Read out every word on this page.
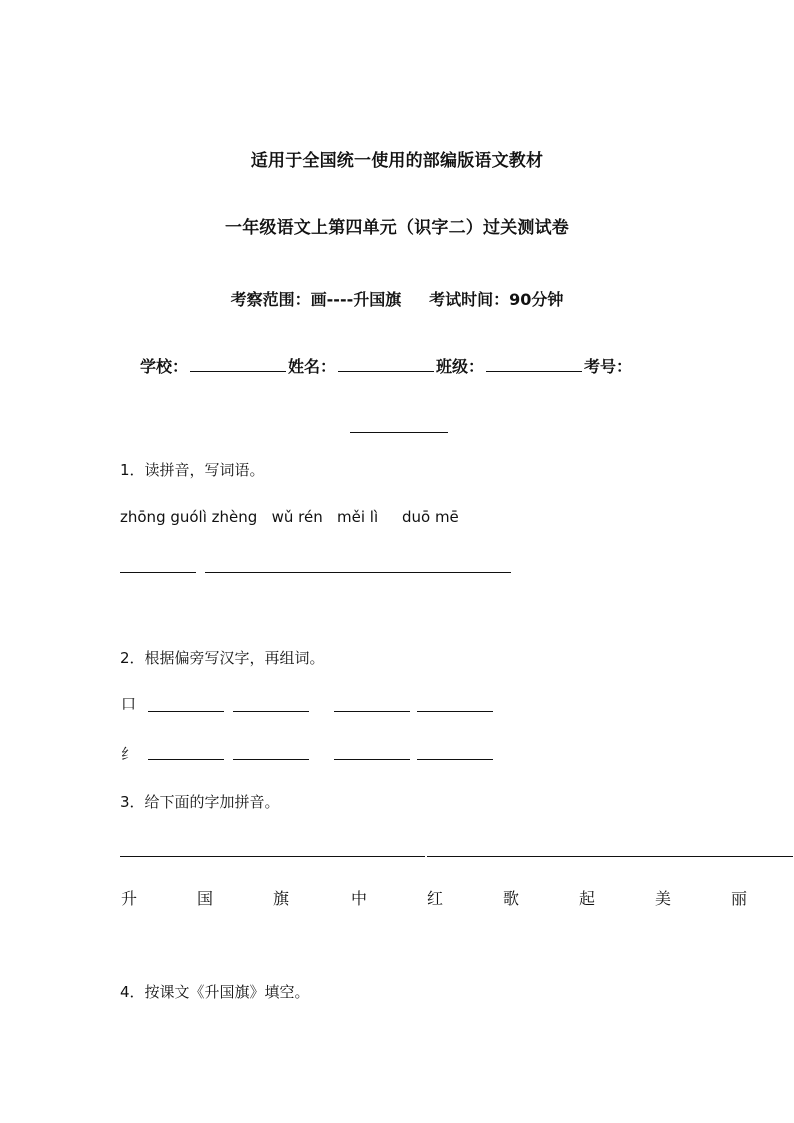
适用于全国统一使用的部编版语文教材
一年级语文上第四单元（识字二）过关测试卷
考察范围：画----升国旗     考试时间：90分钟
学校：	姓名：	班级：	考号：
1．读拼音，写词语。
zhōng guólì zhèng   wǔ rén   měi lì     duō mē
2．根据偏旁写汉字，再组词。
口
纟
3．给下面的字加拼音。
升	国	旗	中	红	歌	起	美	丽
4．按课文《升国旗》填空。
